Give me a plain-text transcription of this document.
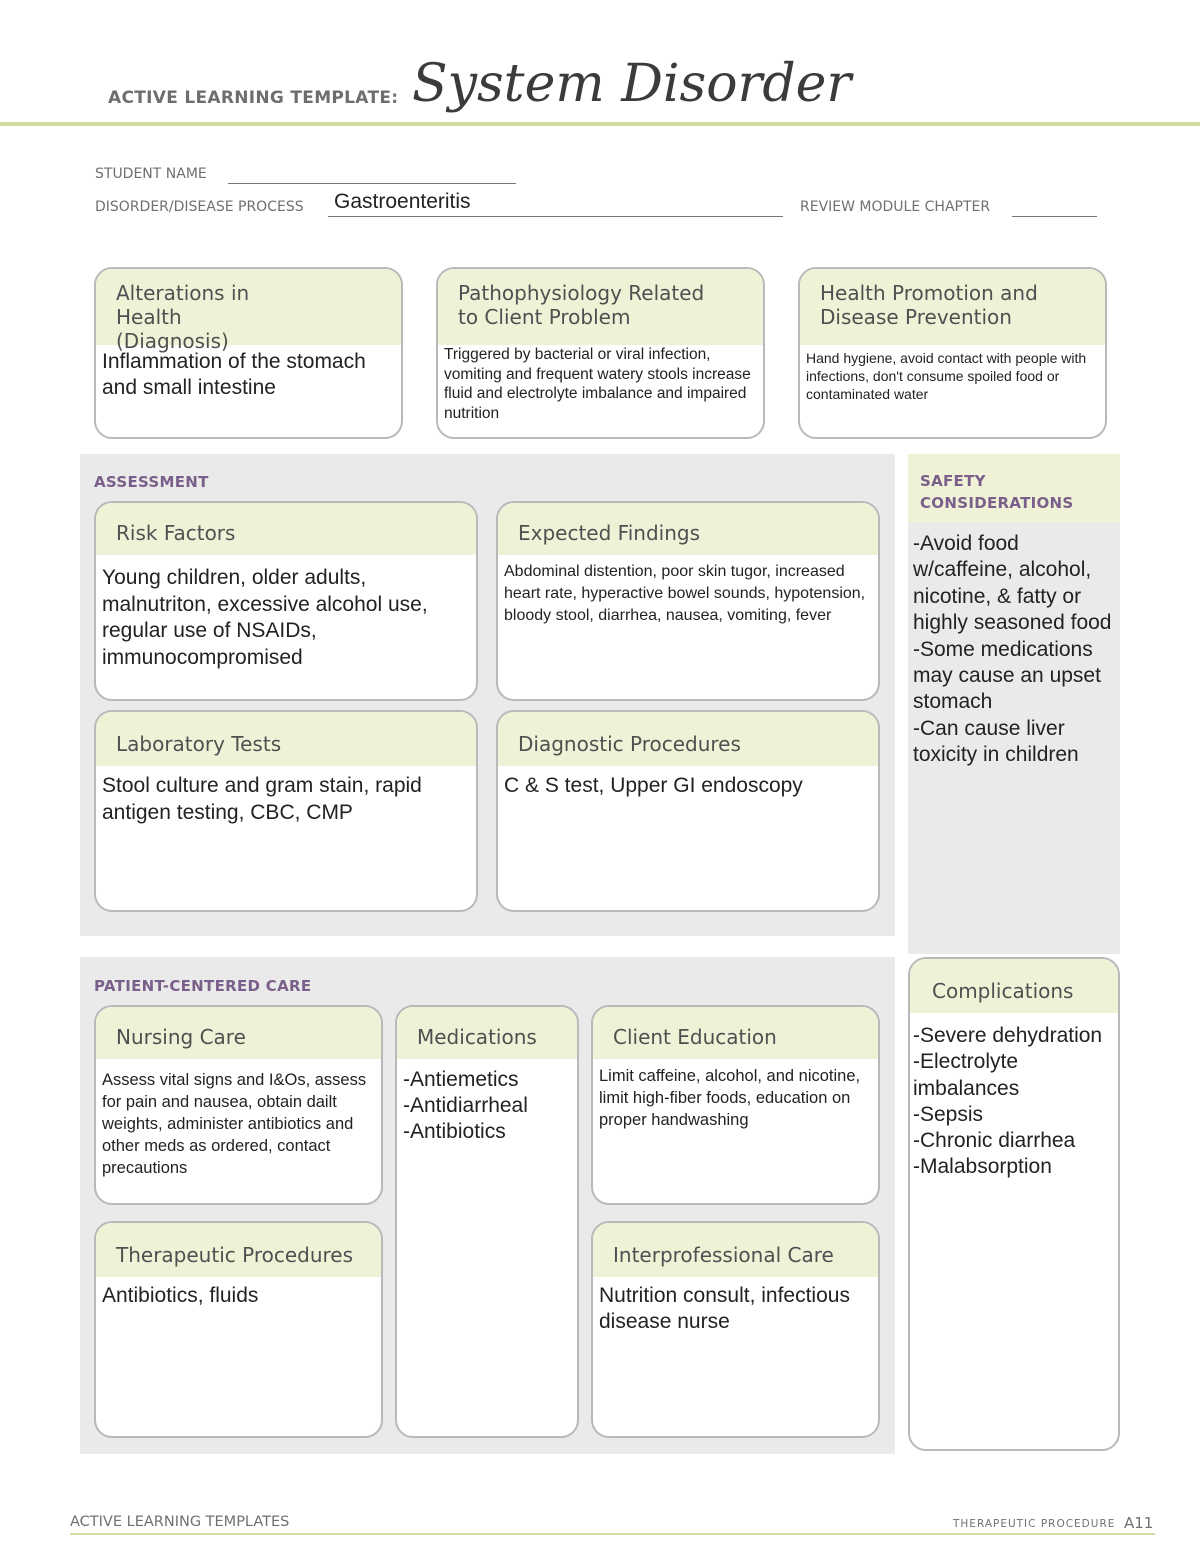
ACTIVE LEARNING TEMPLATE: System Disorder
STUDENT NAME
DISORDER/DISEASE PROCESS Gastroenteritis	REVIEW MODULE CHAPTER
Alterations in Health (Diagnosis)
Inflammation of the stomach and small intestine
Pathophysiology Related to Client Problem
Triggered by bacterial or viral infection, vomiting and frequent watery stools increase fluid and electrolyte imbalance and impaired nutrition
Health Promotion and Disease Prevention
Hand hygiene, avoid contact with people with infections, don't consume spoiled food or contaminated water
ASSESSMENT
Risk Factors
Young children, older adults, malnutriton, excessive alcohol use, regular use of NSAIDs, immunocompromised
Expected Findings
Abdominal distention, poor skin tugor, increased heart rate, hyperactive bowel sounds, hypotension, bloody stool, diarrhea, nausea, vomiting, fever
Laboratory Tests
Stool culture and gram stain, rapid antigen testing, CBC, CMP
Diagnostic Procedures
C & S test, Upper GI endoscopy
SAFETY CONSIDERATIONS
-Avoid food w/caffeine, alcohol, nicotine, & fatty or highly seasoned food
-Some medications may cause an upset stomach
-Can cause liver toxicity in children
PATIENT-CENTERED CARE
Nursing Care
Assess vital signs and I&Os, assess for pain and nausea, obtain dailt weights, administer antibiotics and other meds as ordered, contact precautions
Medications
-Antiemetics
-Antidiarrheal
-Antibiotics
Client Education
Limit caffeine, alcohol, and nicotine, limit high-fiber foods, education on proper handwashing
Therapeutic Procedures
Antibiotics, fluids
Interprofessional Care
Nutrition consult, infectious disease nurse
Complications
-Severe dehydration
-Electrolyte imbalances
-Sepsis
-Chronic diarrhea
-Malabsorption
ACTIVE LEARNING TEMPLATES	THERAPEUTIC PROCEDURE A11
